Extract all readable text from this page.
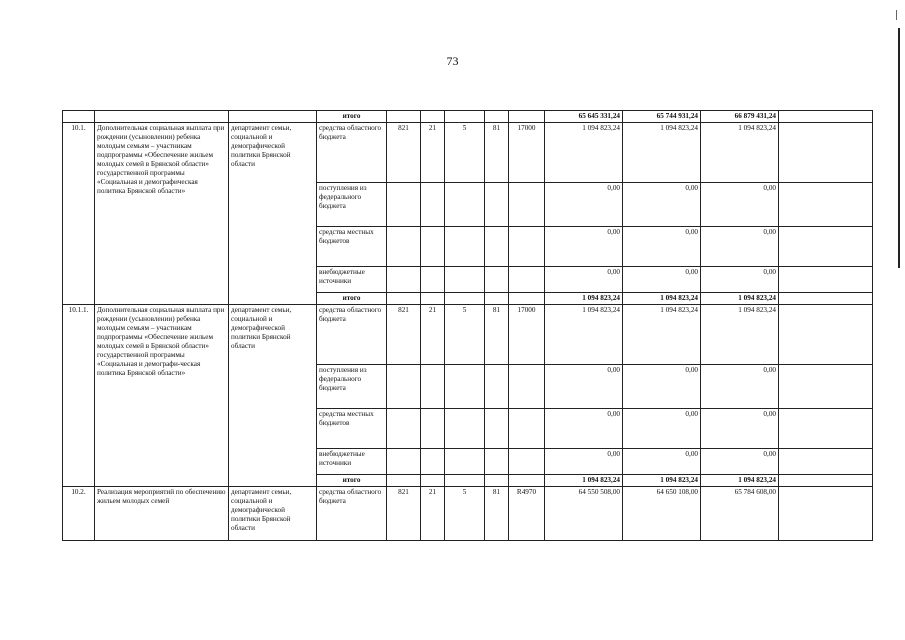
73
			итого						65 645 331,24	65 744 931,24	66 879 431,24	
10.1.	Дополнительная социальная выплата при рождении (усыновлении) ребенка молодым семьям – участникам подпрограммы «Обеспечение жильем молодых семей в Брянской области» государственной программы «Социальная и демографическая политика Брянской области»	департамент семьи, социальной и демографической политики Брянской области	средства областного бюджета	821	21	5	81	17000	1 094 823,24	1 094 823,24	1 094 823,24	
			поступления из федерального бюджета						0,00	0,00	0,00	
			средства местных бюджетов						0,00	0,00	0,00	
			внебюджетные источники						0,00	0,00	0,00	
			итого						1 094 823,24	1 094 823,24	1 094 823,24	
10.1.1.	Дополнительная социальная выплата при рождении (усыновлении) ребенка молодым семьям – участникам подпрограммы «Обеспечение жильем молодых семей в Брянской области» государственной программы «Социальная и демографи-ческая политика Брянской области»	департамент семьи, социальной и демографической политики Брянской области	средства областного бюджета	821	21	5	81	17000	1 094 823,24	1 094 823,24	1 094 823,24	
			поступления из федерального бюджета						0,00	0,00	0,00	
			средства местных бюджетов						0,00	0,00	0,00	
			внебюджетные источники						0,00	0,00	0,00	
			итого						1 094 823,24	1 094 823,24	1 094 823,24	
10.2.	Реализация мероприятий по обеспечению жильем молодых семей	департамент семьи, социальной и демографической политики Брянской области	средства областного бюджета	821	21	5	81	R4970	64 550 508,00	64 650 108,00	65 784 608,00	
